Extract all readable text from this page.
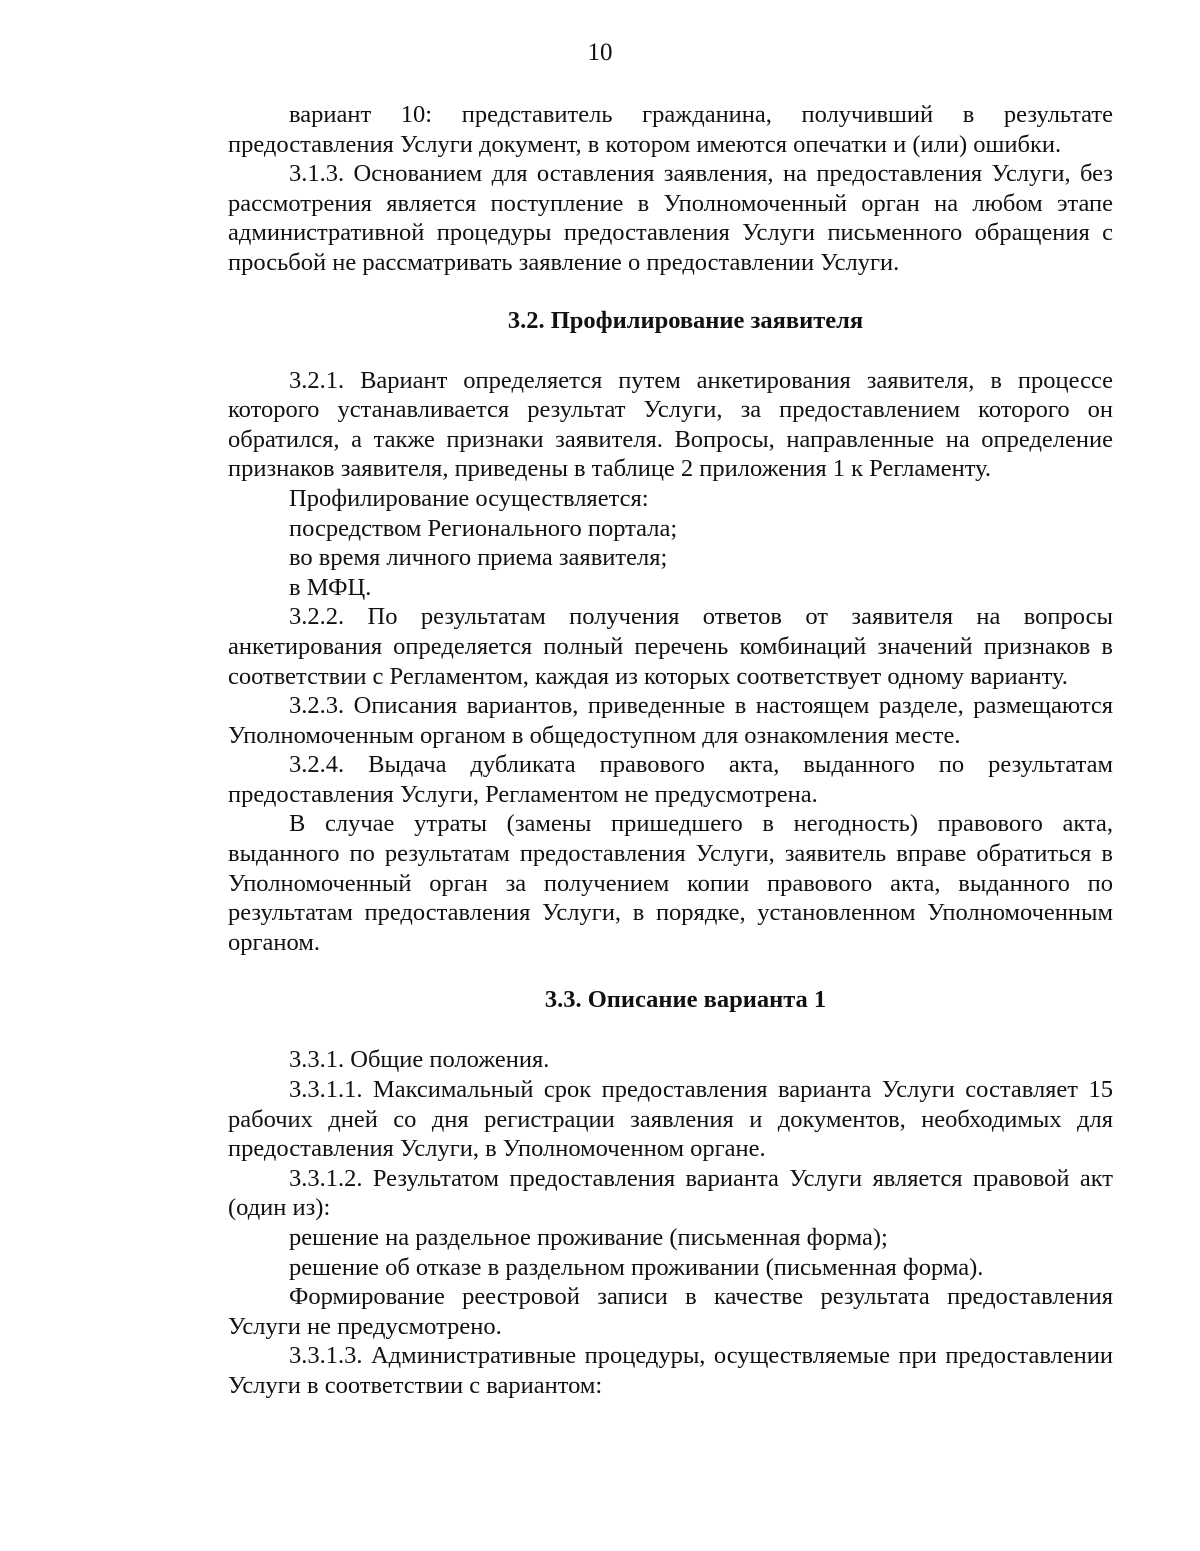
10

вариант 10: представитель гражданина, получивший в результате предоставления Услуги документ, в котором имеются опечатки и (или) ошибки.

3.1.3. Основанием для оставления заявления, на предоставления Услуги, без рассмотрения является поступление в Уполномоченный орган на любом этапе административной процедуры предоставления Услуги письменного обращения с просьбой не рассматривать заявление о предоставлении Услуги.

3.2. Профилирование заявителя

3.2.1. Вариант определяется путем анкетирования заявителя, в процессе которого устанавливается результат Услуги, за предоставлением которого он обратился, а также признаки заявителя. Вопросы, направленные на определение признаков заявителя, приведены в таблице 2 приложения 1 к Регламенту.

Профилирование осуществляется:

посредством Регионального портала;

во время личного приема заявителя;

в МФЦ.

3.2.2. По результатам получения ответов от заявителя на вопросы анкетирования определяется полный перечень комбинаций значений признаков в соответствии с Регламентом, каждая из которых соответствует одному варианту.

3.2.3. Описания вариантов, приведенные в настоящем разделе, размещаются Уполномоченным органом в общедоступном для ознакомления месте.

3.2.4. Выдача дубликата правового акта, выданного по результатам предоставления Услуги, Регламентом не предусмотрена.

В случае утраты (замены пришедшего в негодность) правового акта, выданного по результатам предоставления Услуги, заявитель вправе обратиться в Уполномоченный орган за получением копии правового акта, выданного по результатам предоставления Услуги, в порядке, установленном Уполномоченным органом.

3.3. Описание варианта 1

3.3.1. Общие положения.

3.3.1.1. Максимальный срок предоставления варианта Услуги составляет 15 рабочих дней со дня регистрации заявления и документов, необходимых для предоставления Услуги, в Уполномоченном органе.

3.3.1.2. Результатом предоставления варианта Услуги является правовой акт (один из):

решение на раздельное проживание (письменная форма);

решение об отказе в раздельном проживании (письменная форма).

Формирование реестровой записи в качестве результата предоставления Услуги не предусмотрено.

3.3.1.3. Административные процедуры, осуществляемые при предоставлении Услуги в соответствии с вариантом:
